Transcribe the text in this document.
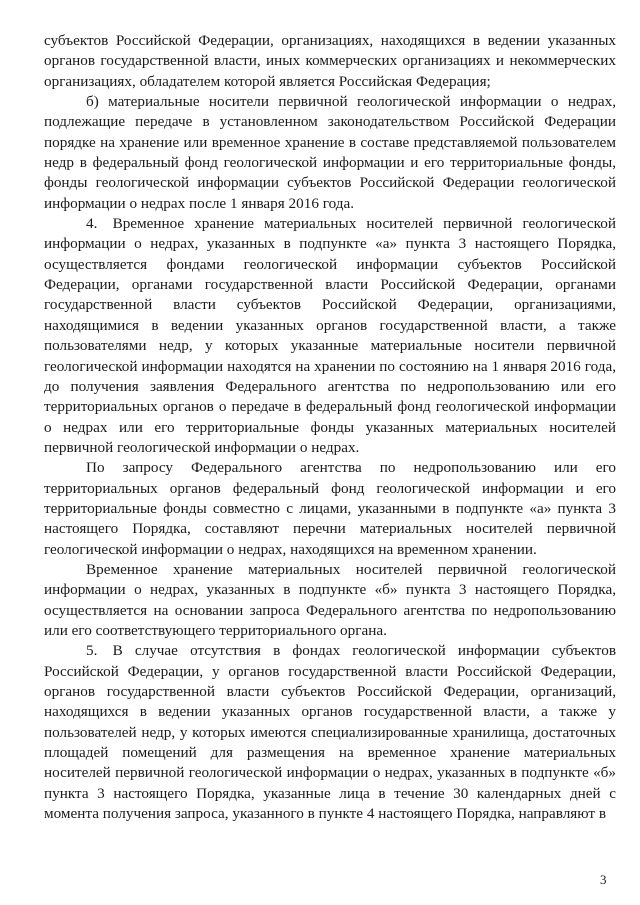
субъектов Российской Федерации, организациях, находящихся в ведении указанных органов государственной власти, иных коммерческих организациях и некоммерческих организациях, обладателем которой является Российская Федерация;

б) материальные носители первичной геологической информации о недрах, подлежащие передаче в установленном законодательством Российской Федерации порядке на хранение или временное хранение в составе представляемой пользователем недр в федеральный фонд геологической информации и его территориальные фонды, фонды геологической информации субъектов Российской Федерации геологической информации о недрах после 1 января 2016 года.

4. Временное хранение материальных носителей первичной геологической информации о недрах, указанных в подпункте «а» пункта 3 настоящего Порядка, осуществляется фондами геологической информации субъектов Российской Федерации, органами государственной власти Российской Федерации, органами государственной власти субъектов Российской Федерации, организациями, находящимися в ведении указанных органов государственной власти, а также пользователями недр, у которых указанные материальные носители первичной геологической информации находятся на хранении по состоянию на 1 января 2016 года, до получения заявления Федерального агентства по недропользованию или его территориальных органов о передаче в федеральный фонд геологической информации о недрах или его территориальные фонды указанных материальных носителей первичной геологической информации о недрах.

По запросу Федерального агентства по недропользованию или его территориальных органов федеральный фонд геологической информации и его территориальные фонды совместно с лицами, указанными в подпункте «а» пункта 3 настоящего Порядка, составляют перечни материальных носителей первичной геологической информации о недрах, находящихся на временном хранении.

Временное хранение материальных носителей первичной геологической информации о недрах, указанных в подпункте «б» пункта 3 настоящего Порядка, осуществляется на основании запроса Федерального агентства по недропользованию или его соответствующего территориального органа.

5. В случае отсутствия в фондах геологической информации субъектов Российской Федерации, у органов государственной власти Российской Федерации, органов государственной власти субъектов Российской Федерации, организаций, находящихся в ведении указанных органов государственной власти, а также у пользователей недр, у которых имеются специализированные хранилища, достаточных площадей помещений для размещения на временное хранение материальных носителей первичной геологической информации о недрах, указанных в подпункте «б» пункта 3 настоящего Порядка, указанные лица в течение 30 календарных дней с момента получения запроса, указанного в пункте 4 настоящего Порядка, направляют в

3
